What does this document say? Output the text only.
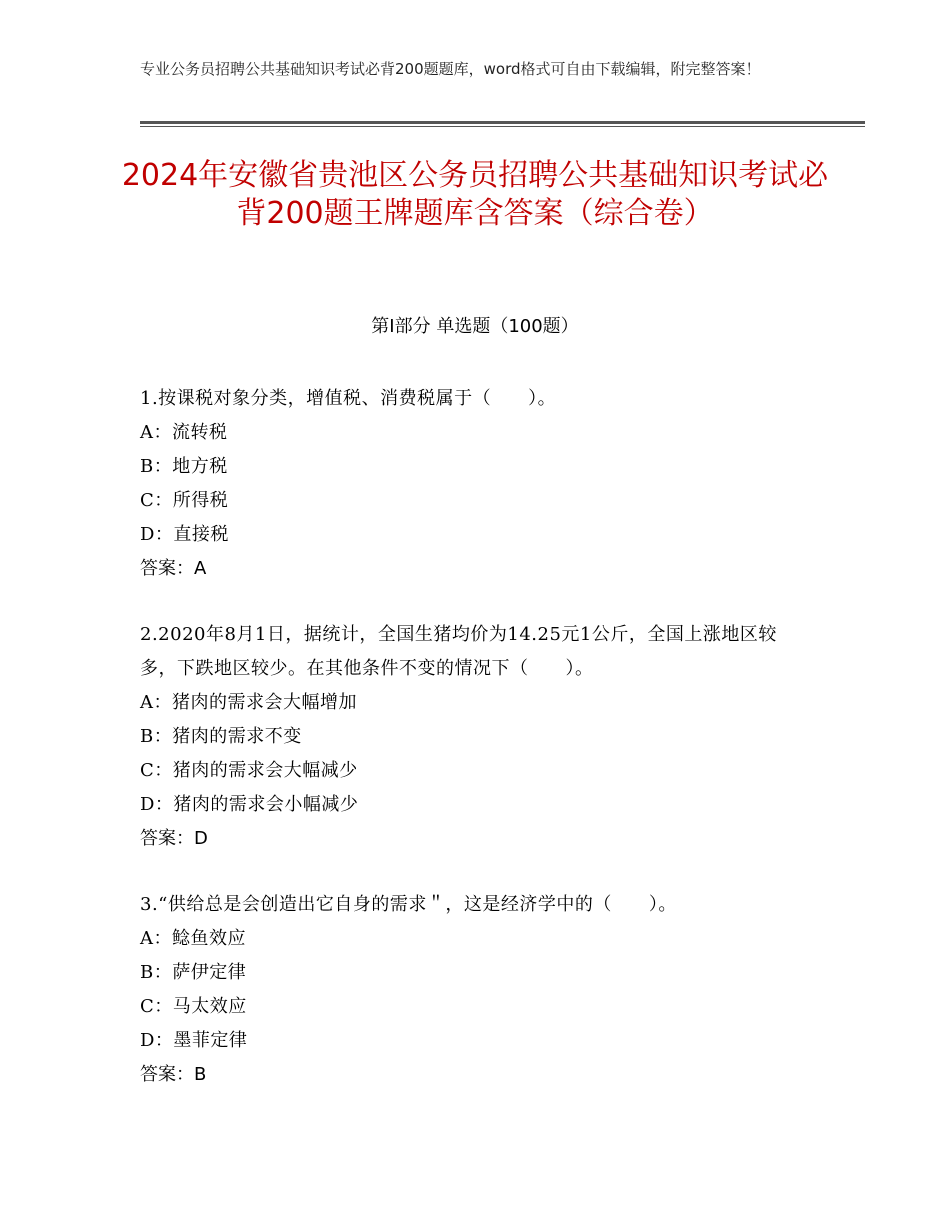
专业公务员招聘公共基础知识考试必背200题题库，word格式可自由下载编辑，附完整答案！
2024年安徽省贵池区公务员招聘公共基础知识考试必背200题王牌题库含答案（综合卷）
第Ⅰ部分 单选题（100题）
1.按课税对象分类，增值税、消费税属于（　　）。
A：流转税
B：地方税
C：所得税
D：直接税
答案：A
2.2020年8月1日，据统计，全国生猪均价为14.25元1公斤，全国上涨地区较多，下跌地区较少。在其他条件不变的情况下（　　）。
A：猪肉的需求会大幅增加
B：猪肉的需求不变
C：猪肉的需求会大幅减少
D：猪肉的需求会小幅减少
答案：D
3.“供给总是会创造出它自身的需求＂，这是经济学中的（　　）。
A：鲶鱼效应
B：萨伊定律
C：马太效应
D：墨菲定律
答案：B
